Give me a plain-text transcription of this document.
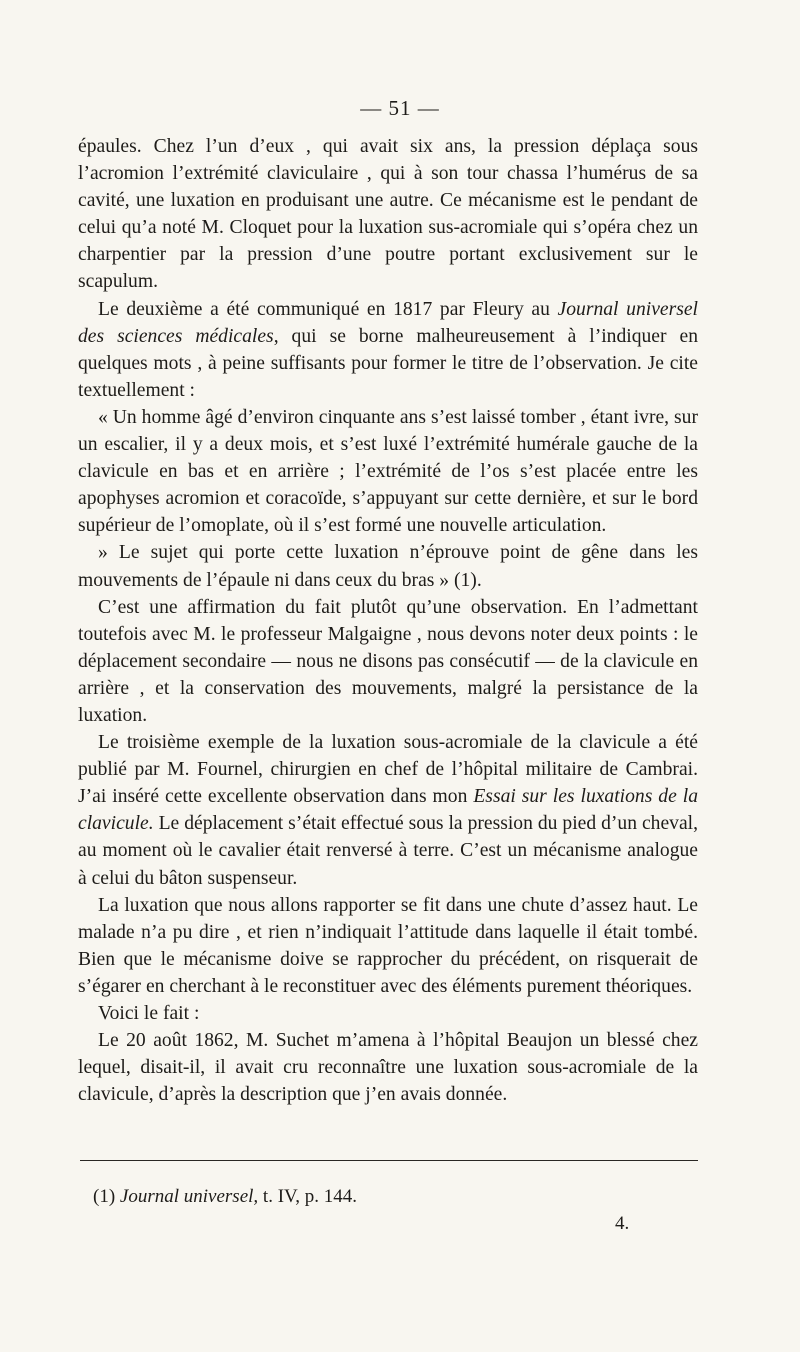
— 51 —

épaules. Chez l’un d’eux , qui avait six ans, la pression déplaça sous l’acromion l’extrémité claviculaire , qui à son tour chassa l’humérus de sa cavité, une luxation en produisant une autre. Ce mécanisme est le pendant de celui qu’a noté M. Cloquet pour la luxation sus-acromiale qui s’opéra chez un charpentier par la pression d’une poutre portant exclusivement sur le scapulum.

Le deuxième a été communiqué en 1817 par Fleury au Journal universel des sciences médicales, qui se borne malheureusement à l’indiquer en quelques mots , à peine suffisants pour former le titre de l’observation. Je cite textuellement :

« Un homme âgé d’environ cinquante ans s’est laissé tomber , étant ivre, sur un escalier, il y a deux mois, et s’est luxé l’extrémité humérale gauche de la clavicule en bas et en arrière ; l’extrémité de l’os s’est placée entre les apophyses acromion et coracoïde, s’appuyant sur cette dernière, et sur le bord supérieur de l’omoplate, où il s’est formé une nouvelle articulation.

» Le sujet qui porte cette luxation n’éprouve point de gêne dans les mouvements de l’épaule ni dans ceux du bras » (1).

C’est une affirmation du fait plutôt qu’une observation. En l’admettant toutefois avec M. le professeur Malgaigne , nous devons noter deux points : le déplacement secondaire — nous ne disons pas consécutif — de la clavicule en arrière , et la conservation des mouvements, malgré la persistance de la luxation.

Le troisième exemple de la luxation sous-acromiale de la clavicule a été publié par M. Fournel, chirurgien en chef de l’hôpital militaire de Cambrai. J’ai inséré cette excellente observation dans mon Essai sur les luxations de la clavicule. Le déplacement s’était effectué sous la pression du pied d’un cheval, au moment où le cavalier était renversé à terre. C’est un mécanisme analogue à celui du bâton suspenseur.

La luxation que nous allons rapporter se fit dans une chute d’assez haut. Le malade n’a pu dire , et rien n’indiquait l’attitude dans laquelle il était tombé. Bien que le mécanisme doive se rapprocher du précédent, on risquerait de s’égarer en cherchant à le reconstituer avec des éléments purement théoriques.

Voici le fait :

Le 20 août 1862, M. Suchet m’amena à l’hôpital Beaujon un blessé chez lequel, disait-il, il avait cru reconnaître une luxation sous-acromiale de la clavicule, d’après la description que j’en avais donnée.

(1) Journal universel, t. IV, p. 144.
4.
